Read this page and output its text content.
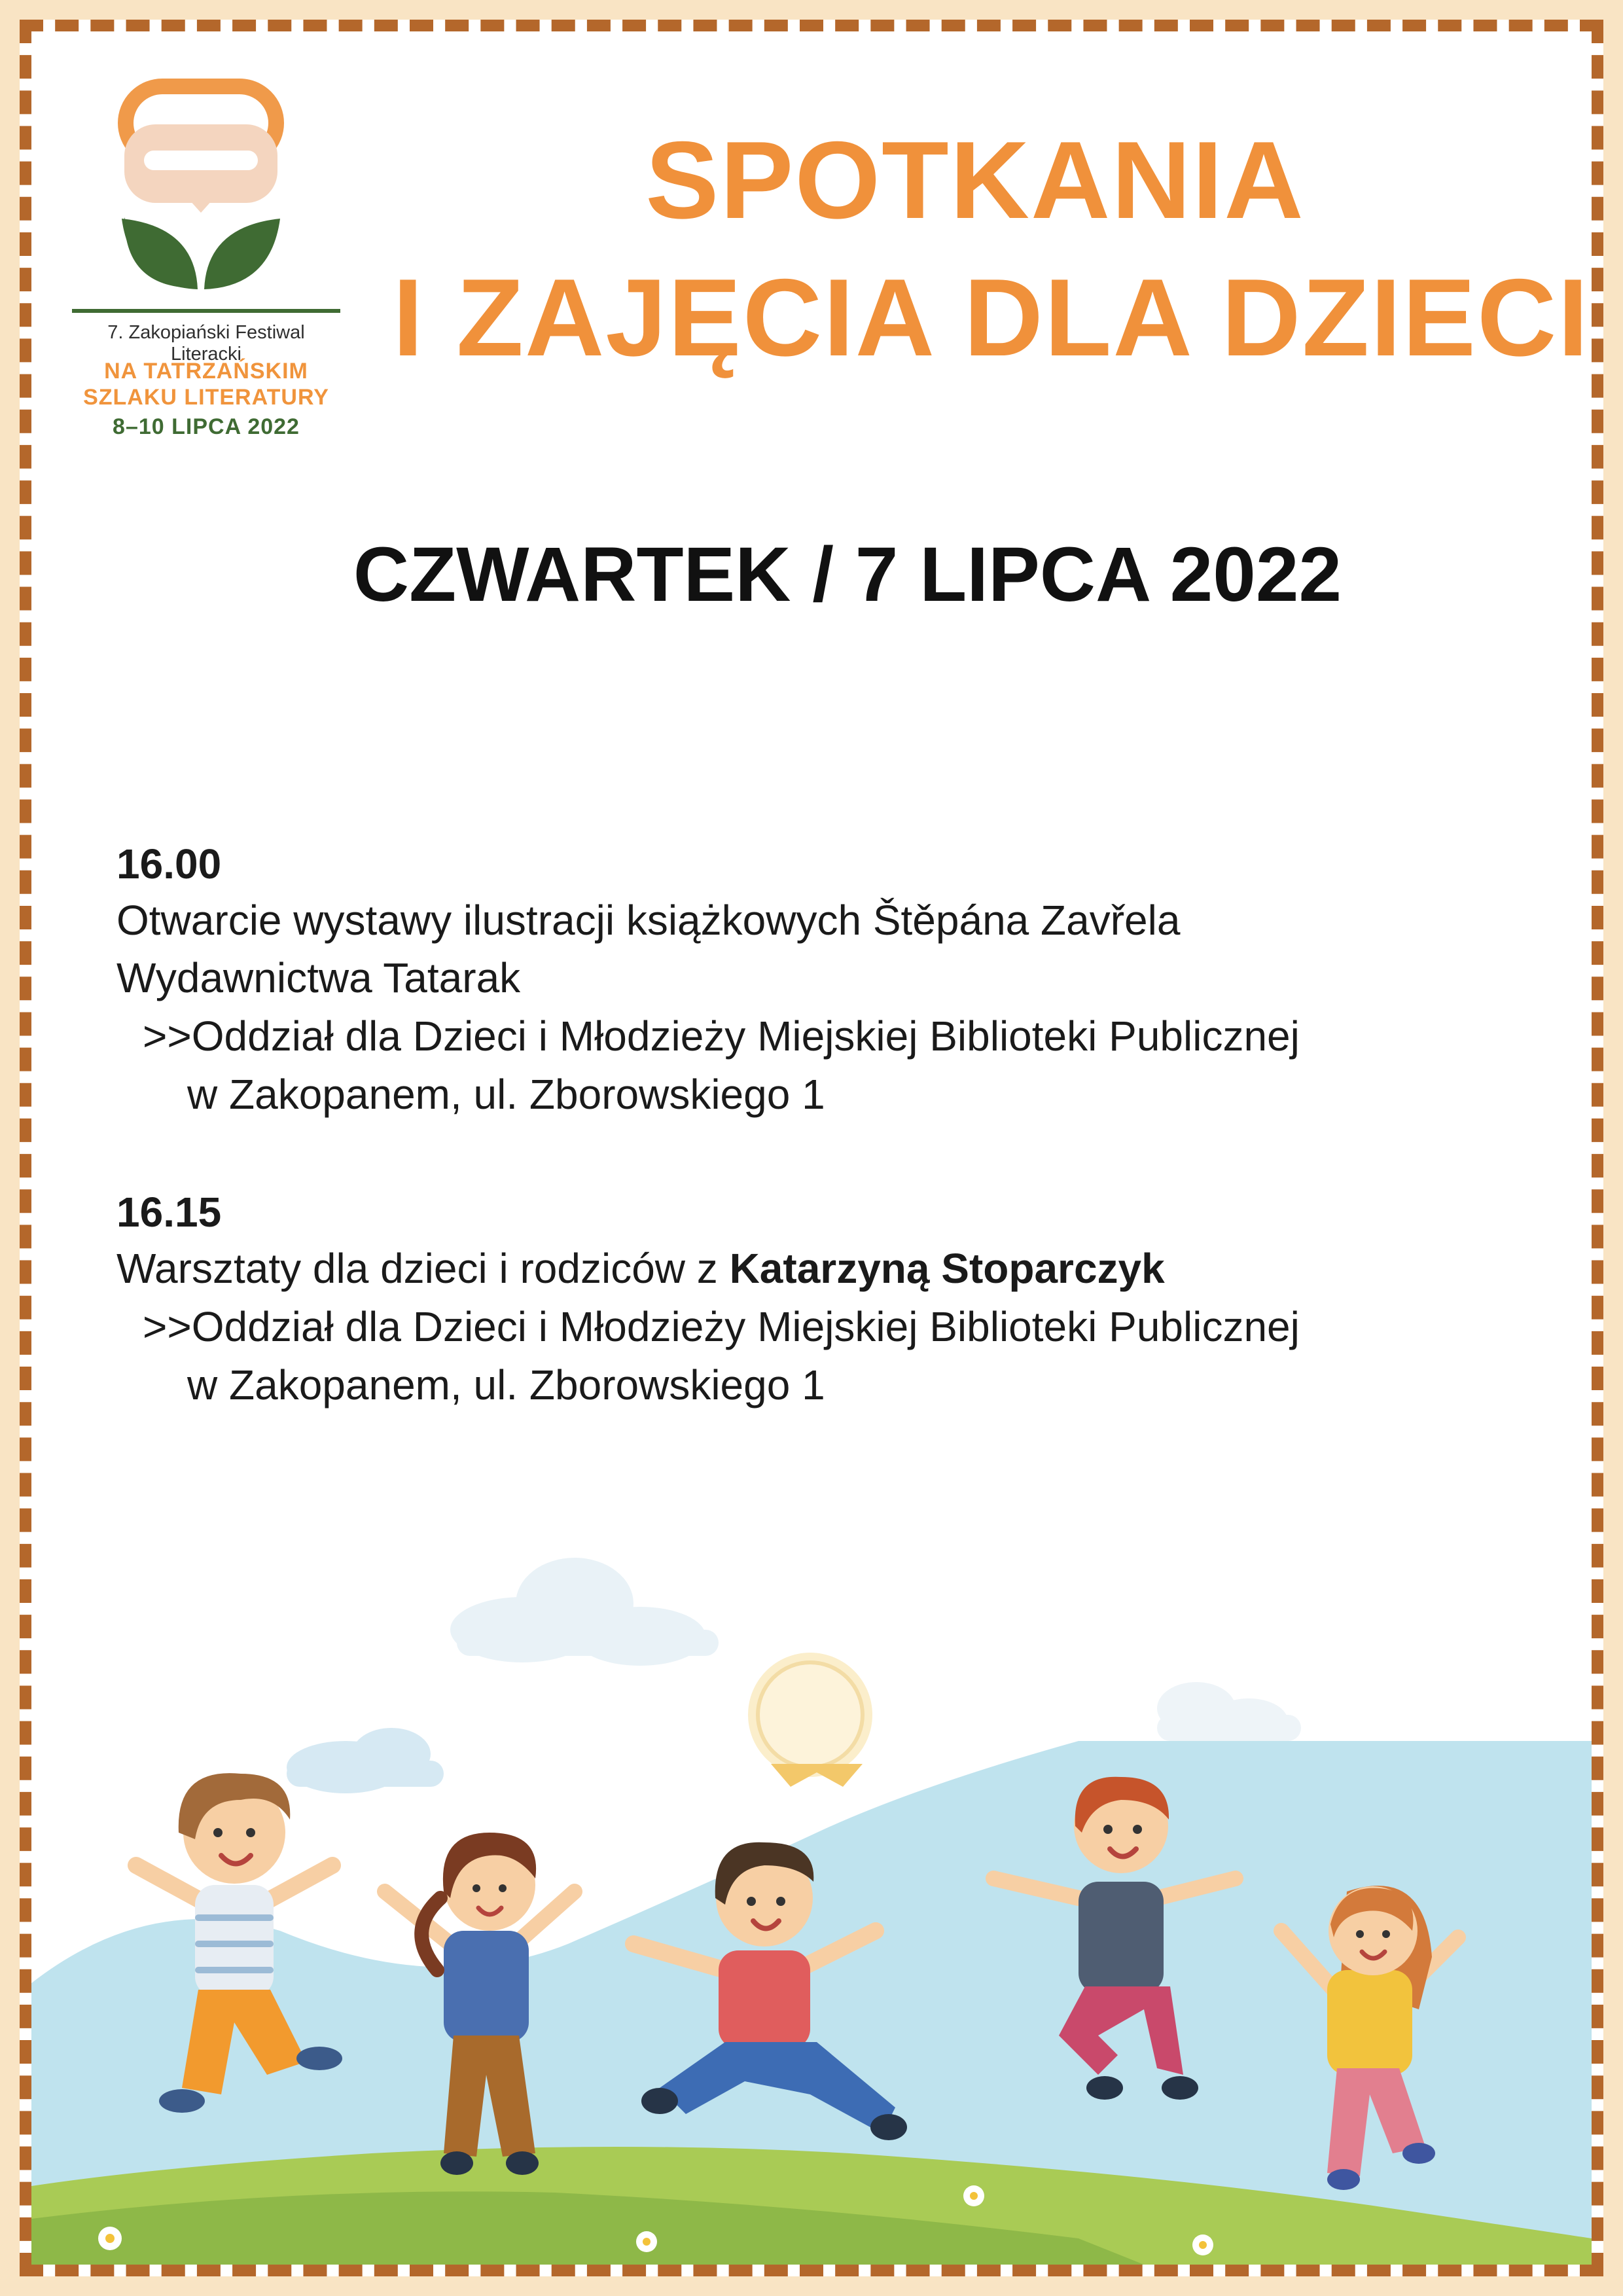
7. Zakopiański Festiwal Literacki
NA TATRZAŃSKIM
SZLAKU LITERATURY
8–10 LIPCA 2022
SPOTKANIA
I ZAJĘCIA DLA DZIECI
CZWARTEK / 7 LIPCA 2022
16.00
Otwarcie wystawy ilustracji książkowych Štěpána Zavřela
Wydawnictwa Tatarak
>>Oddział dla Dzieci i Młodzieży Miejskiej Biblioteki Publicznej
w Zakopanem, ul. Zborowskiego 1
16.15
Warsztaty dla dzieci i rodziców z Katarzyną Stoparczyk
>>Oddział dla Dzieci i Młodzieży Miejskiej Biblioteki Publicznej
w Zakopanem, ul. Zborowskiego 1
